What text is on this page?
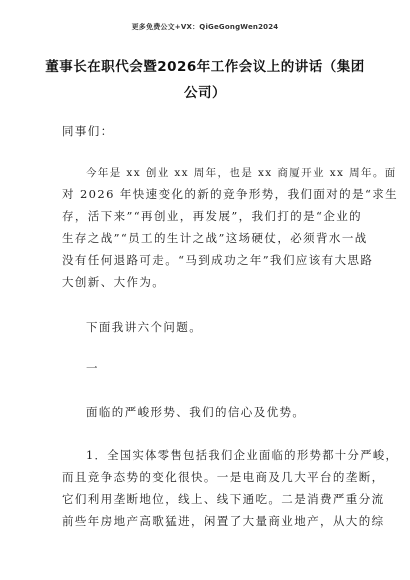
更多免费公文+VX：QiGeGongWen2024
董事长在职代会暨2026年工作会议上的讲话（集团
公司）
同事们：
今年是 xx 创业 xx 周年，也是 xx 商厦开业 xx 周年。面
对 2026 年快速变化的新的竞争形势，我们面对的是“求生
存，活下来”“再创业，再发展”，我们打的是“企业的
生存之战”“员工的生计之战”这场硬仗，必须背水一战
没有任何退路可走。“马到成功之年”我们应该有大思路
大创新、大作为。
下面我讲六个问题。
一
面临的严峻形势、我们的信心及优势。
1．全国实体零售包括我们企业面临的形势都十分严峻，
而且竞争态势的变化很快。一是电商及几大平台的垄断，
它们利用垄断地位，线上、线下通吃。二是消费严重分流
前些年房地产高歌猛进，闲置了大量商业地产，从大的综
